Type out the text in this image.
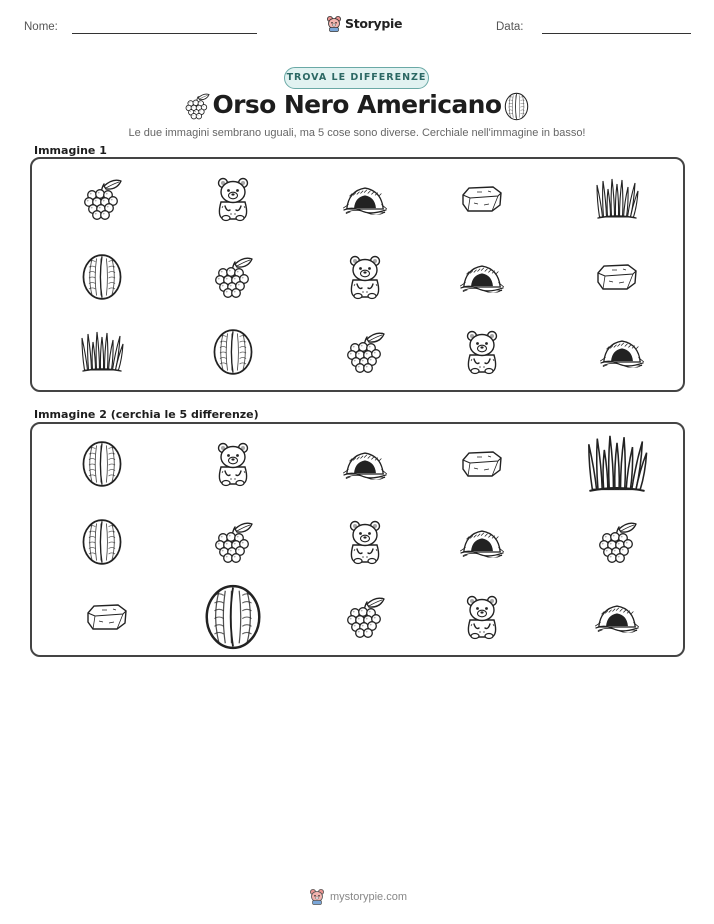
Nome:	Storypie	Data:
TROVA LE DIFFERENZE
Orso Nero Americano
Le due immagini sembrano uguali, ma 5 cose sono diverse. Cerchiale nell'immagine in basso!
Immagine 1
Immagine 2 (cerchia le 5 differenze)
mystorypie.com
